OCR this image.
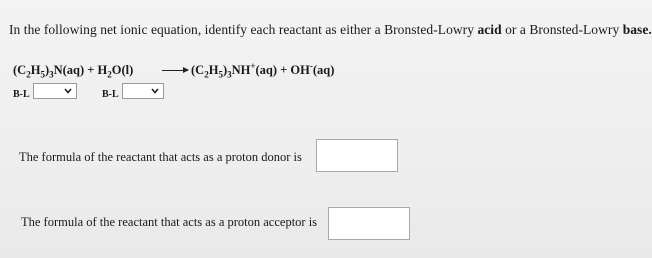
In the following net ionic equation, identify each reactant as either a Bronsted-Lowry acid or a Bronsted-Lowry base.
$(C_2H_5)_3N(aq) + H_2O(l) \to (C_2H_5)_3NH^+(aq) + OH^-(aq)$
B-L	B-L
The formula of the reactant that acts as a proton donor is
The formula of the reactant that acts as a proton acceptor is
